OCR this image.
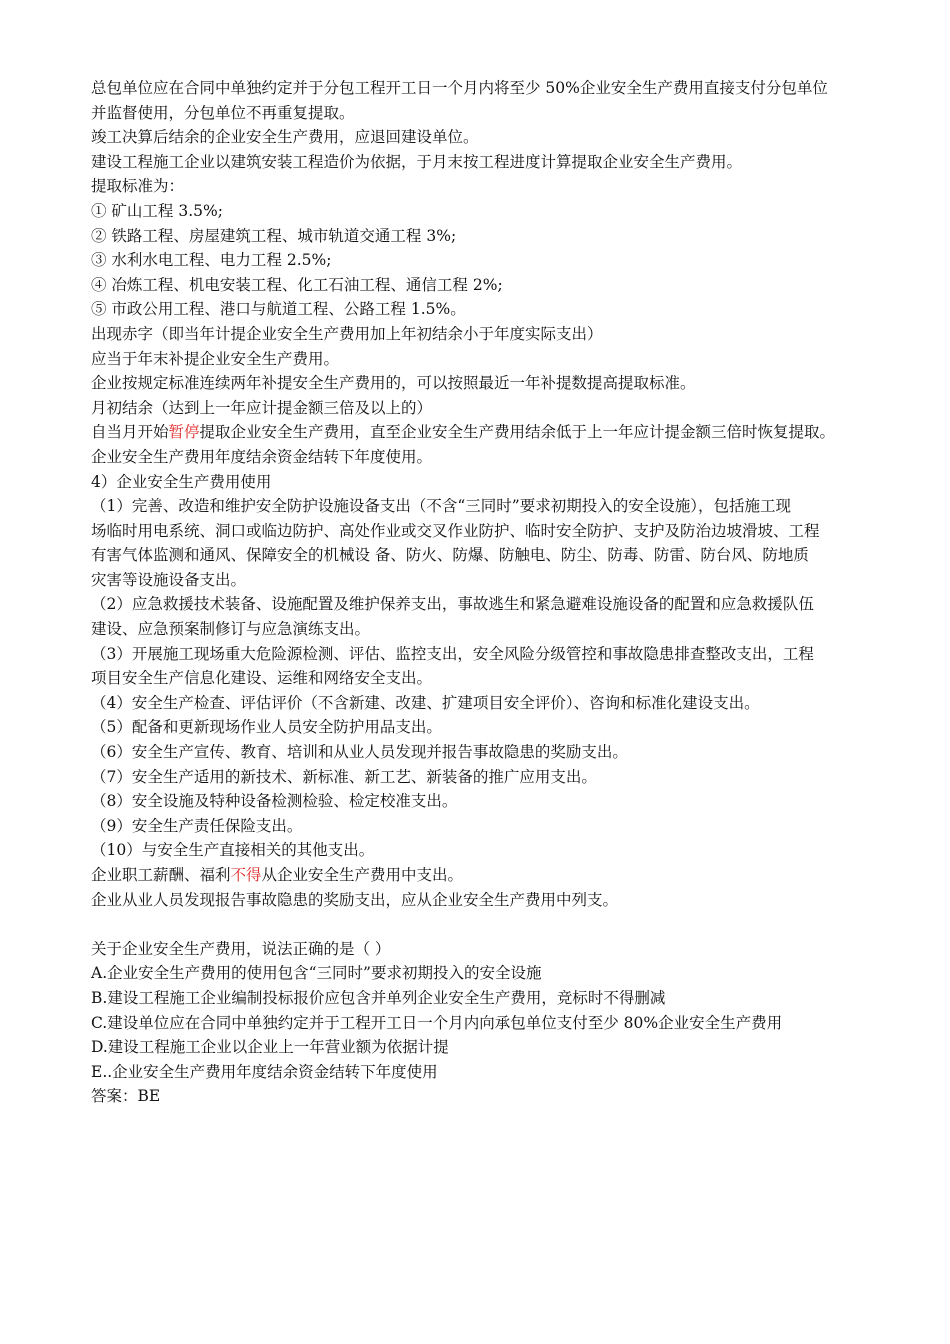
总包单位应在合同中单独约定并于分包工程开工日一个月内将至少 50%企业安全生产费用直接支付分包单位
并监督使用，分包单位不再重复提取。
竣工决算后结余的企业安全生产费用，应退回建设单位。
建设工程施工企业以建筑安装工程造价为依据，于月末按工程进度计算提取企业安全生产费用。
提取标准为：
① 矿山工程 3.5%;
② 铁路工程、房屋建筑工程、城市轨道交通工程 3%;
③ 水利水电工程、电力工程 2.5%;
④ 冶炼工程、机电安装工程、化工石油工程、通信工程 2%;
⑤ 市政公用工程、港口与航道工程、公路工程 1.5%。
出现赤字（即当年计提企业安全生产费用加上年初结余小于年度实际支出）
应当于年末补提企业安全生产费用。
企业按规定标准连续两年补提安全生产费用的，可以按照最近一年补提数提高提取标准。
月初结余（达到上一年应计提金额三倍及以上的）
自当月开始暂停提取企业安全生产费用，直至企业安全生产费用结余低于上一年应计提金额三倍时恢复提取。
企业安全生产费用年度结余资金结转下年度使用。
4）企业安全生产费用使用
（1）完善、改造和维护安全防护设施设备支出（不含“三同时”要求初期投入的安全设施），包括施工现
场临时用电系统、洞口或临边防护、高处作业或交叉作业防护、临时安全防护、支护及防治边坡滑坡、工程
有害气体监测和通风、保障安全的机械设 备、防火、防爆、防触电、防尘、防毒、防雷、防台风、防地质
灾害等设施设备支出。
（2）应急救援技术装备、设施配置及维护保养支出，事故逃生和紧急避难设施设备的配置和应急救援队伍
建设、应急预案制修订与应急演练支出。
（3）开展施工现场重大危险源检测、评估、监控支出，安全风险分级管控和事故隐患排查整改支出，工程
项目安全生产信息化建设、运维和网络安全支出。
（4）安全生产检查、评估评价（不含新建、改建、扩建项目安全评价）、咨询和标准化建设支出。
（5）配备和更新现场作业人员安全防护用品支出。
（6）安全生产宣传、教育、培训和从业人员发现并报告事故隐患的奖励支出。
（7）安全生产适用的新技术、新标准、新工艺、新装备的推广应用支出。
（8）安全设施及特种设备检测检验、检定校准支出。
（9）安全生产责任保险支出。
（10）与安全生产直接相关的其他支出。
企业职工薪酬、福利不得从企业安全生产费用中支出。
企业从业人员发现报告事故隐患的奖励支出，应从企业安全生产费用中列支。
关于企业安全生产费用，说法正确的是（ ）
A.企业安全生产费用的使用包含“三同时”要求初期投入的安全设施
B.建设工程施工企业编制投标报价应包含并单列企业安全生产费用，竞标时不得删减
C.建设单位应在合同中单独约定并于工程开工日一个月内向承包单位支付至少 80%企业安全生产费用
D.建设工程施工企业以企业上一年营业额为依据计提
E..企业安全生产费用年度结余资金结转下年度使用
答案：BE
